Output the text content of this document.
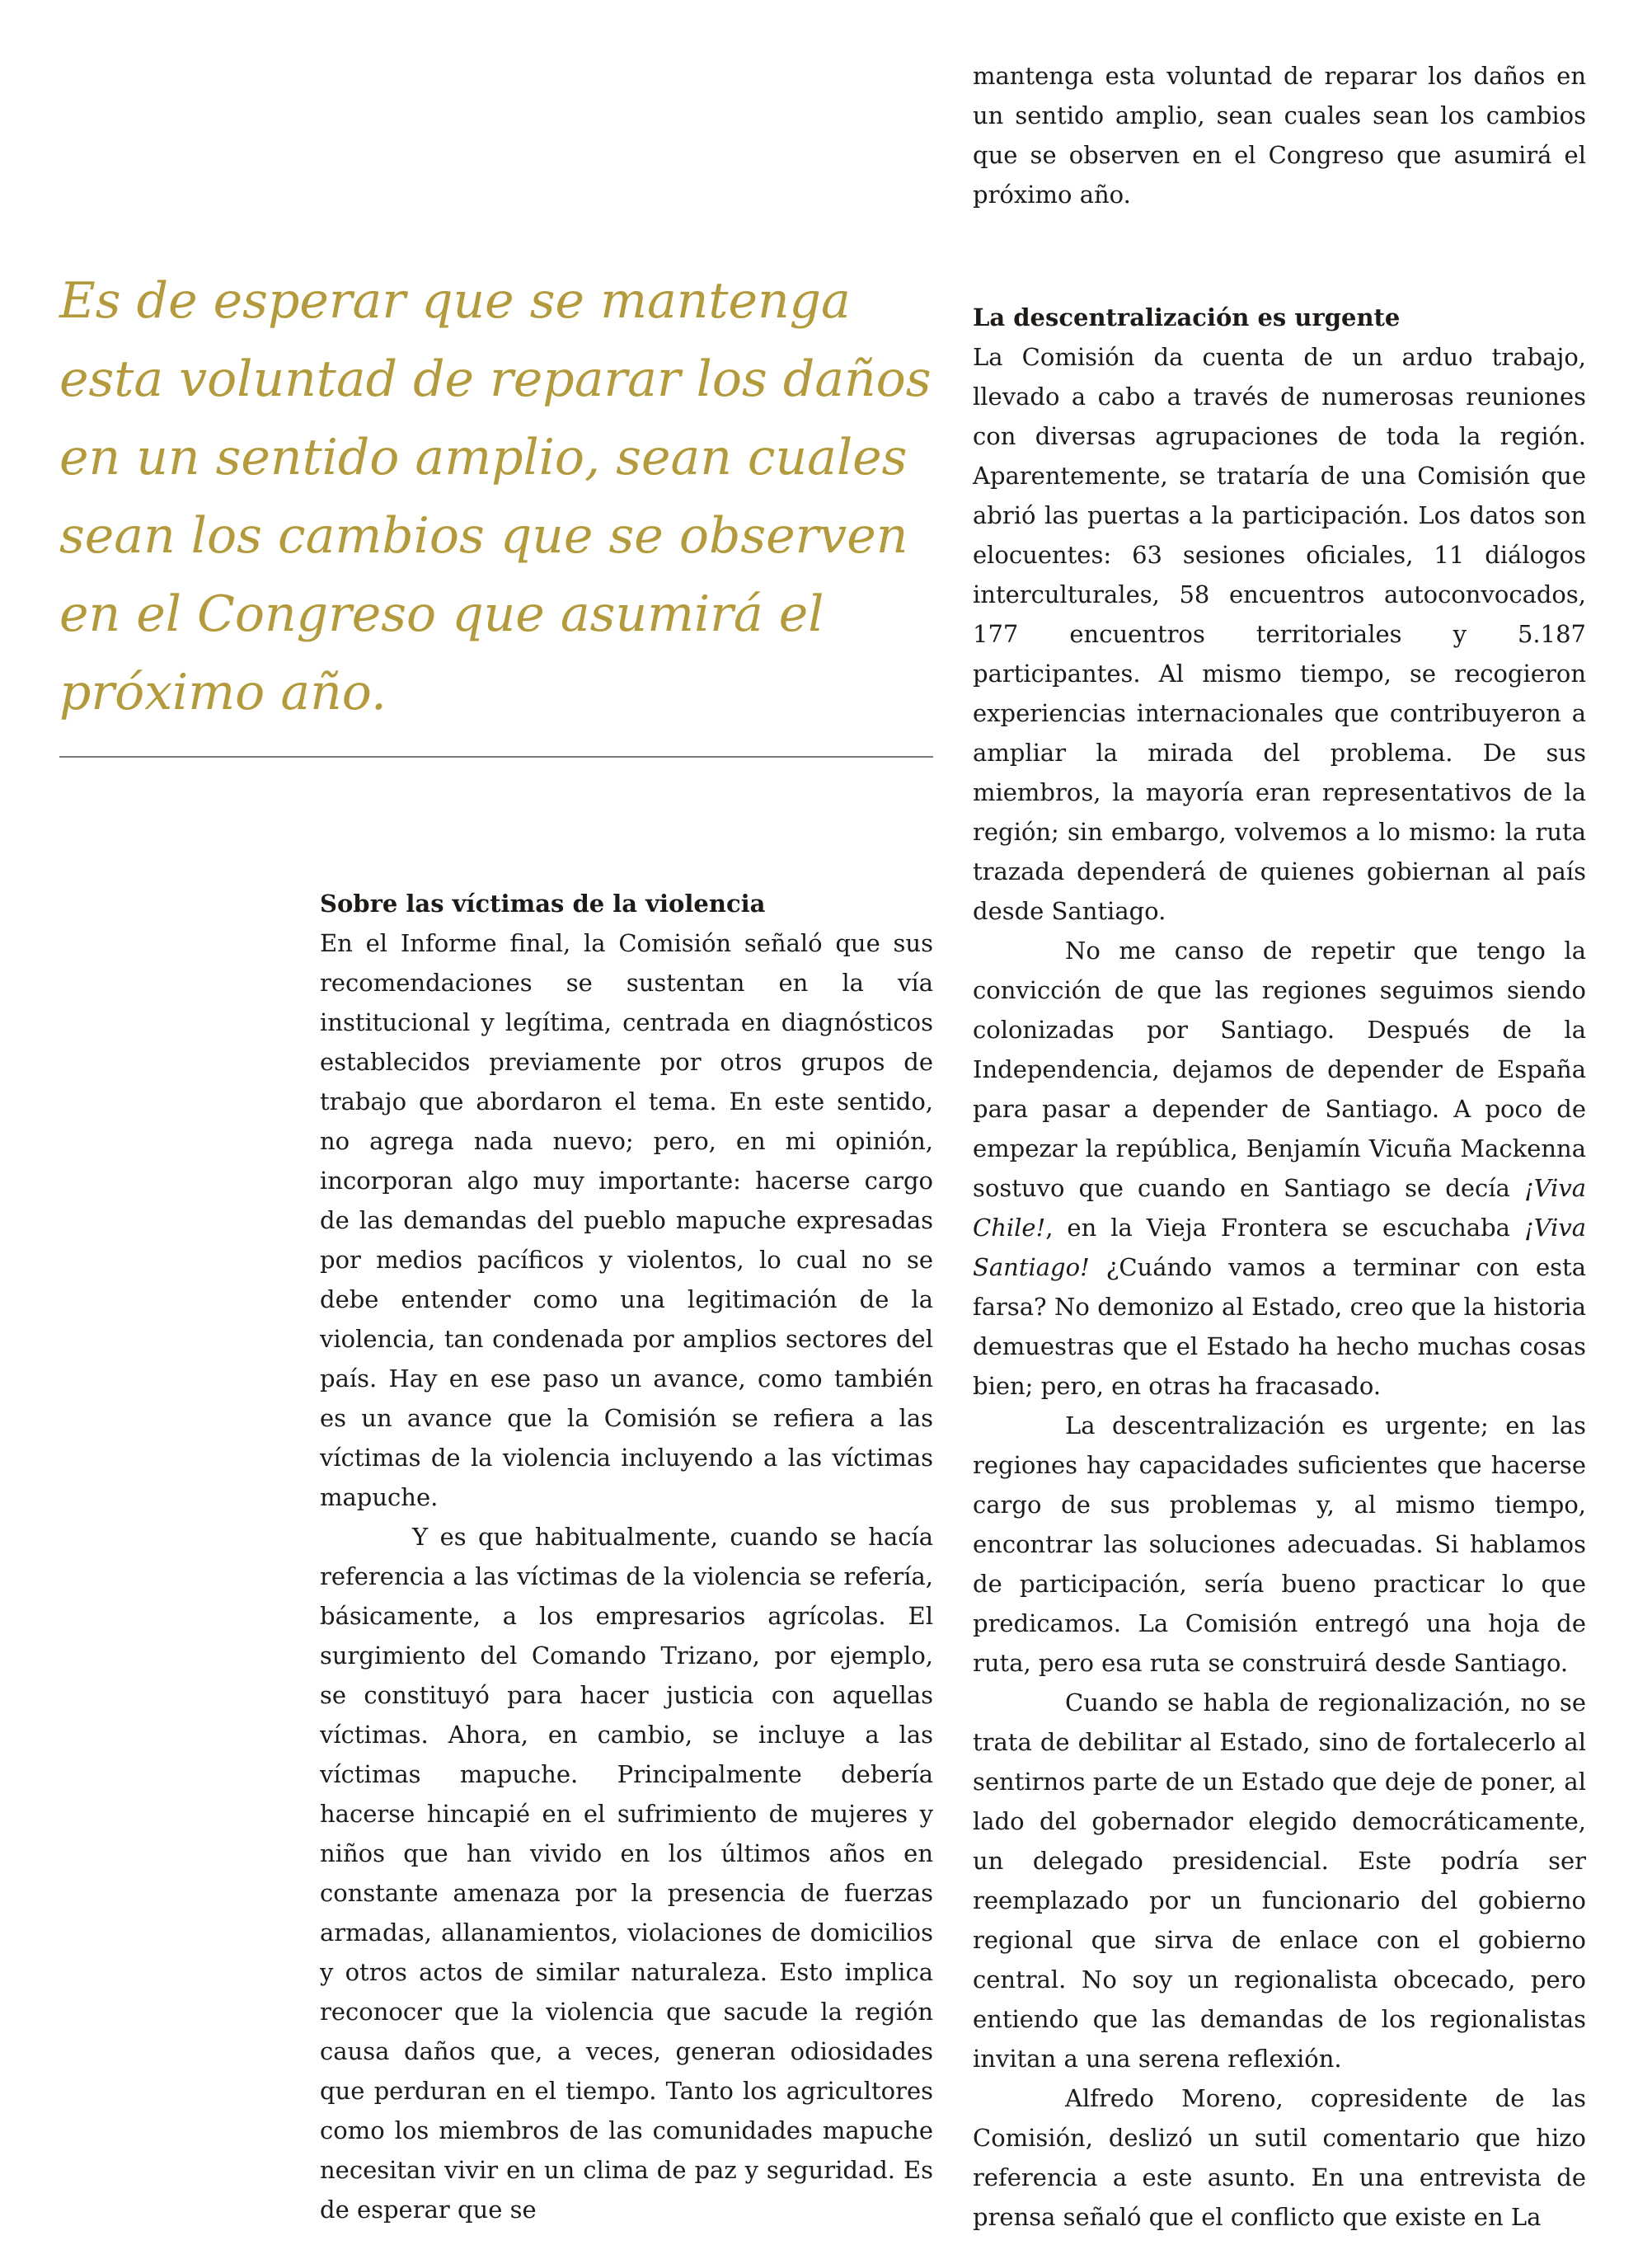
Es de esperar que se mantenga esta voluntad de reparar los daños en un sentido amplio, sean cuales sean los cambios que se observen en el Congreso que asumirá el próximo año.

Sobre las víctimas de la violencia

En el Informe final, la Comisión señaló que sus recomendaciones se sustentan en la vía institucional y legítima, centrada en diagnósticos establecidos previamente por otros grupos de trabajo que abordaron el tema. En este sentido, no agrega nada nuevo; pero, en mi opinión, incorporan algo muy importante: hacerse cargo de las demandas del pueblo mapuche expresadas por medios pacíficos y violentos, lo cual no se debe entender como una legitimación de la violencia, tan condenada por amplios sectores del país. Hay en ese paso un avance, como también es un avance que la Comisión se refiera a las víctimas de la violencia incluyendo a las víctimas mapuche.

Y es que habitualmente, cuando se hacía referencia a las víctimas de la violencia se refería, básicamente, a los empresarios agrícolas. El surgimiento del Comando Trizano, por ejemplo, se constituyó para hacer justicia con aquellas víctimas. Ahora, en cambio, se incluye a las víctimas mapuche. Principalmente debería hacerse hincapié en el sufrimiento de mujeres y niños que han vivido en los últimos años en constante amenaza por la presencia de fuerzas armadas, allanamientos, violaciones de domicilios y otros actos de similar naturaleza. Esto implica reconocer que la violencia que sacude la región causa daños que, a veces, generan odiosidades que perduran en el tiempo. Tanto los agricultores como los miembros de las comunidades mapuche necesitan vivir en un clima de paz y seguridad. Es de esperar que se

mantenga esta voluntad de reparar los daños en un sentido amplio, sean cuales sean los cambios que se observen en el Congreso que asumirá el próximo año.

La descentralización es urgente

La Comisión da cuenta de un arduo trabajo, llevado a cabo a través de numerosas reuniones con diversas agrupaciones de toda la región. Aparentemente, se trataría de una Comisión que abrió las puertas a la participación. Los datos son elocuentes: 63 sesiones oficiales, 11 diálogos interculturales, 58 encuentros autoconvocados, 177 encuentros territoriales y 5.187 participantes. Al mismo tiempo, se recogieron experiencias internacionales que contribuyeron a ampliar la mirada del problema. De sus miembros, la mayoría eran representativos de la región; sin embargo, volvemos a lo mismo: la ruta trazada dependerá de quienes gobiernan al país desde Santiago.

No me canso de repetir que tengo la convicción de que las regiones seguimos siendo colonizadas por Santiago. Después de la Independencia, dejamos de depender de España para pasar a depender de Santiago. A poco de empezar la república, Benjamín Vicuña Mackenna sostuvo que cuando en Santiago se decía ¡Viva Chile!, en la Vieja Frontera se escuchaba ¡Viva Santiago! ¿Cuándo vamos a terminar con esta farsa? No demonizo al Estado, creo que la historia demuestras que el Estado ha hecho muchas cosas bien; pero, en otras ha fracasado.

La descentralización es urgente; en las regiones hay capacidades suficientes que hacerse cargo de sus problemas y, al mismo tiempo, encontrar las soluciones adecuadas. Si hablamos de participación, sería bueno practicar lo que predicamos. La Comisión entregó una hoja de ruta, pero esa ruta se construirá desde Santiago.

Cuando se habla de regionalización, no se trata de debilitar al Estado, sino de fortalecerlo al sentirnos parte de un Estado que deje de poner, al lado del gobernador elegido democráticamente, un delegado presidencial. Este podría ser reemplazado por un funcionario del gobierno regional que sirva de enlace con el gobierno central. No soy un regionalista obcecado, pero entiendo que las demandas de los regionalistas invitan a una serena reflexión.

Alfredo Moreno, copresidente de las Comisión, deslizó un sutil comentario que hizo referencia a este asunto. En una entrevista de prensa señaló que el conflicto que existe en La
